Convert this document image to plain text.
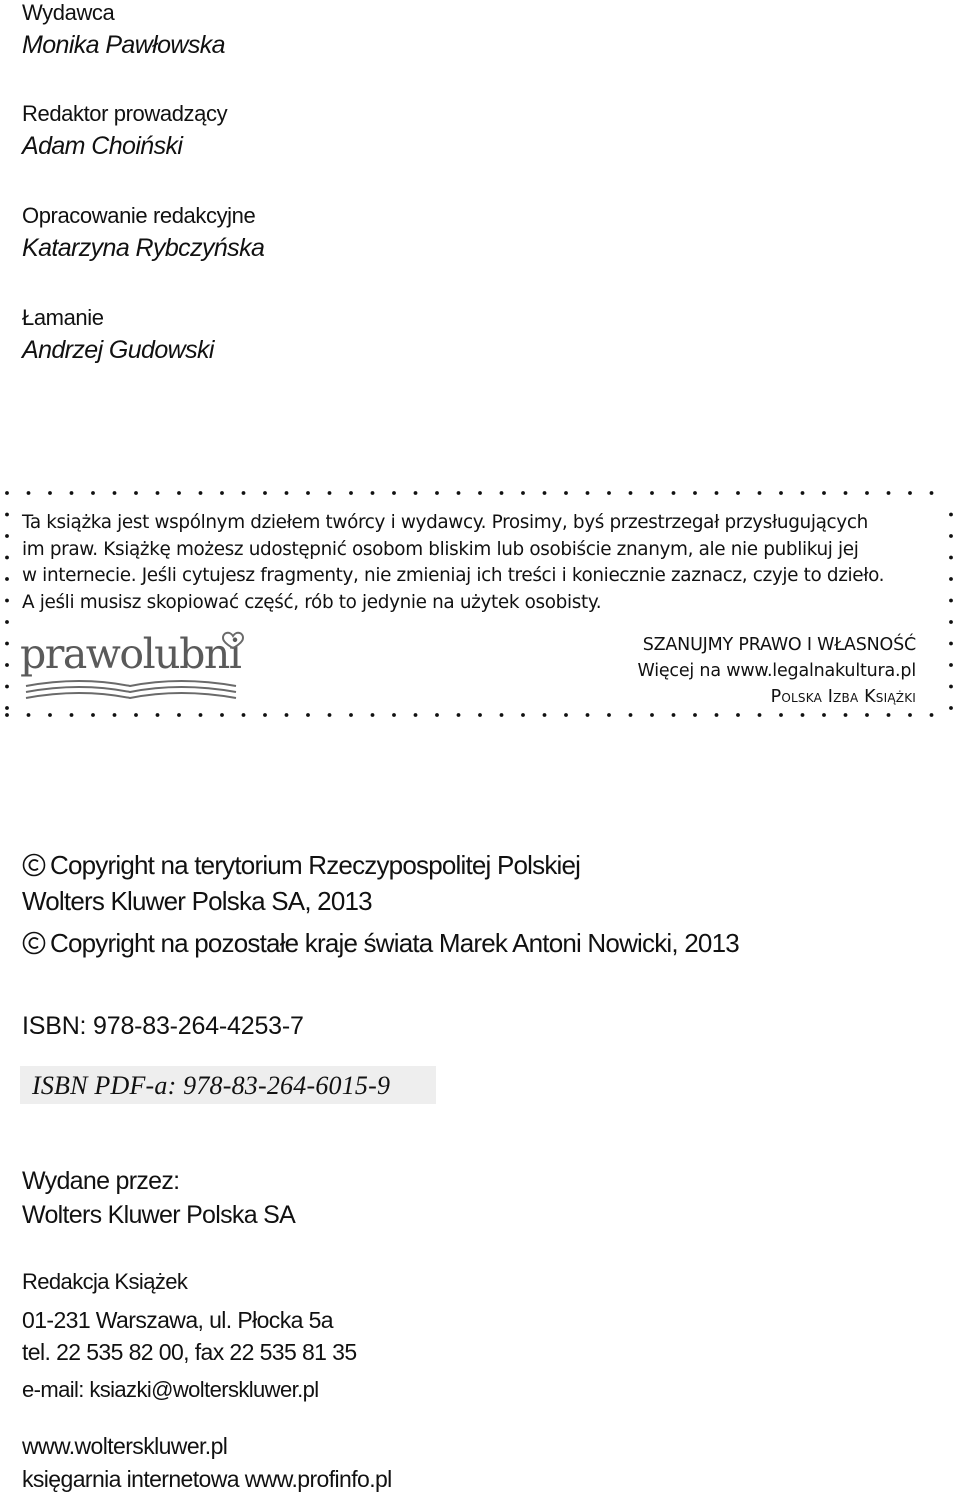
Wydawca
Monika Pawłowska
Redaktor prowadzący
Adam Choiński
Opracowanie redakcyjne
Katarzyna Rybczyńska
Łamanie
Andrzej Gudowski
Ta książka jest wspólnym dziełem twórcy i wydawcy. Prosimy, byś przestrzegał przysługujących
im praw. Książkę możesz udostępnić osobom bliskim lub osobiście znanym, ale nie publikuj jej
w internecie. Jeśli cytujesz fragmenty, nie zmieniaj ich treści i koniecznie zaznacz, czyje to dzieło.
A jeśli musisz skopiować część, rób to jedynie na użytek osobisty.
prawolubni	SZANUJMY PRAWO I WŁASNOŚĆ
Więcej na www.legalnakultura.pl
Polska Izba Książki
Copyright na terytorium Rzeczypospolitej Polskiej
Wolters Kluwer Polska SA, 2013
Copyright na pozostałe kraje świata Marek Antoni Nowicki, 2013
ISBN: 978-83-264-4253-7
ISBN PDF-a: 978-83-264-6015-9
Wydane przez:
Wolters Kluwer Polska SA
Redakcja Książek
01-231 Warszawa, ul. Płocka 5a
tel. 22 535 82 00, fax 22 535 81 35
e-mail: ksiazki@wolterskluwer.pl
www.wolterskluwer.pl
księgarnia internetowa www.profinfo.pl
